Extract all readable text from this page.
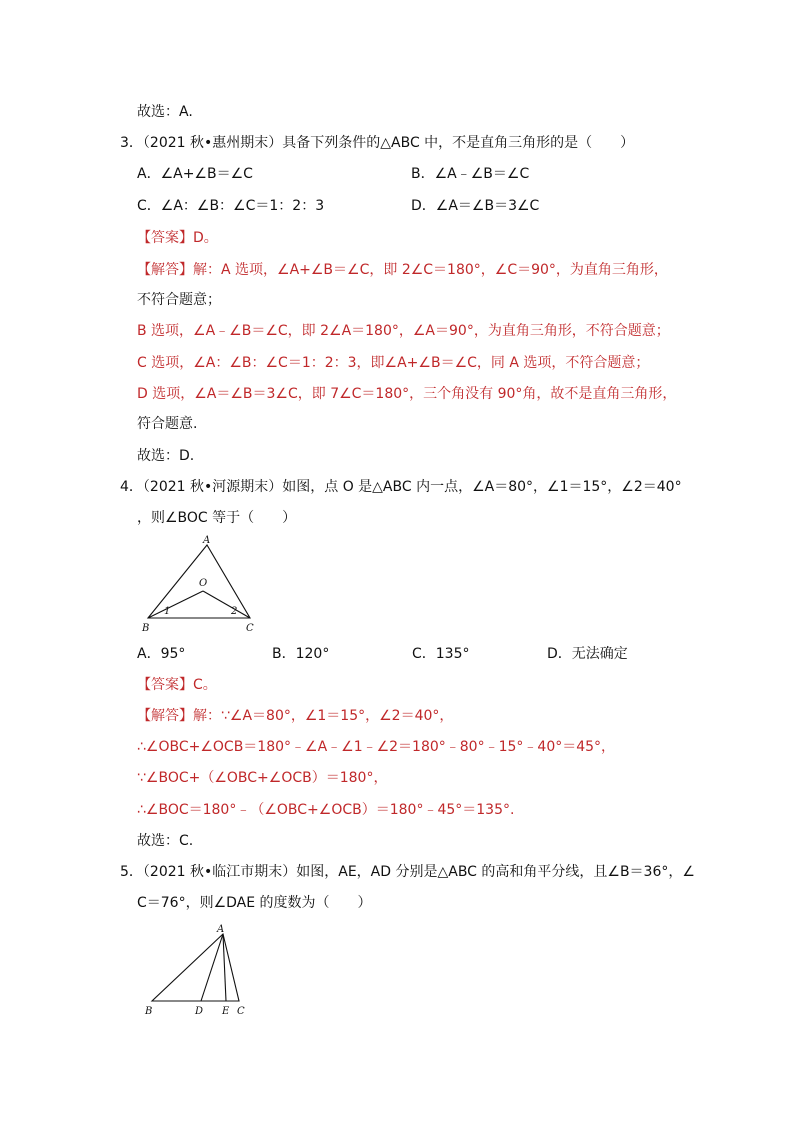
故选：A.
3．（2021 秋•惠州期末）具备下列条件的△ABC 中，不是直角三角形的是（　　）
A．∠A+∠B＝∠C	B．∠A﹣∠B＝∠C
C．∠A：∠B：∠C＝1：2：3	D．∠A＝∠B＝3∠C
【答案】D。
【解答】解：A 选项，∠A+∠B＝∠C，即 2∠C＝180°，∠C＝90°，为直角三角形，
不符合题意；
B 选项，∠A﹣∠B＝∠C，即 2∠A＝180°，∠A＝90°，为直角三角形，不符合题意；
C 选项，∠A：∠B：∠C＝1：2：3，即∠A+∠B＝∠C，同 A 选项，不符合题意；
D 选项，∠A＝∠B＝3∠C，即 7∠C＝180°，三个角没有 90°角，故不是直角三角形，
符合题意.
故选：D.
4．（2021 秋•河源期末）如图，点 O 是△ABC 内一点，∠A＝80°，∠1＝15°，∠2＝40°
，则∠BOC 等于（　　）
A
B	C
O
1	2
A．95°	B．120°	C．135°	D．无法确定
【答案】C。
【解答】解：∵∠A＝80°，∠1＝15°，∠2＝40°，
∴∠OBC+∠OCB＝180°﹣∠A﹣∠1﹣∠2＝180°﹣80°﹣15°﹣40°＝45°，
∵∠BOC+（∠OBC+∠OCB）＝180°，
∴∠BOC＝180°﹣（∠OBC+∠OCB）＝180°﹣45°＝135°.
故选：C.
5．（2021 秋•临江市期末）如图，AE，AD 分别是△ABC 的高和角平分线，且∠B＝36°，∠
C＝76°，则∠DAE 的度数为（　　）
A
B	D E C
